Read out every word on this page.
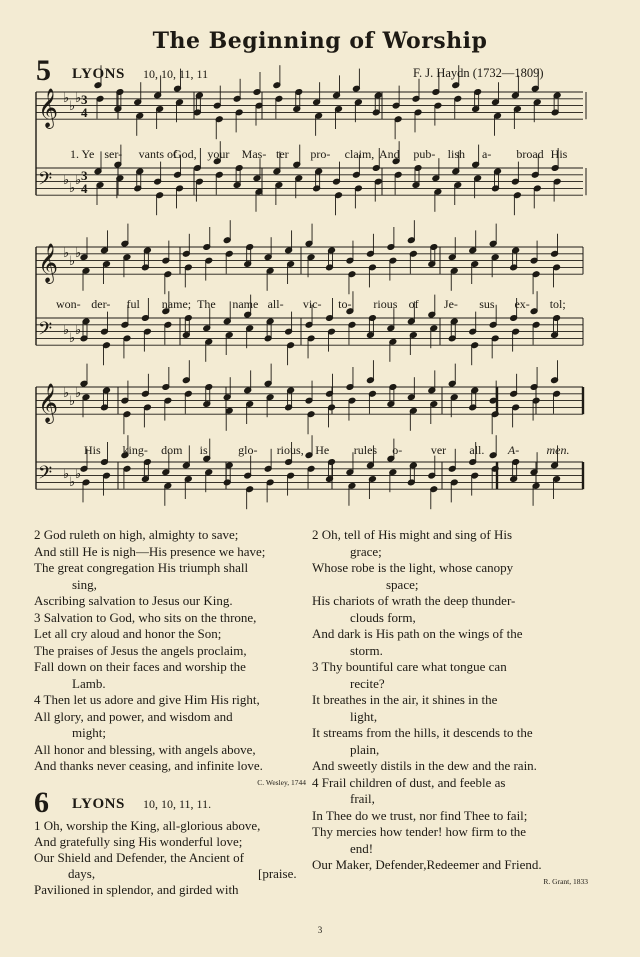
The Beginning of Worship
5 LYONS 10, 10, 11, 11	F. J. Haydn (1732—1809)
𝄞 ♭
♭
♭
𝄢 ♭
♭
♭
3
4
3
4
𝄞 ♭
♭
♭
𝄢 ♭
♭
♭
𝄞 ♭
♭
♭
𝄢 ♭
♭
♭
1. Ye ser- vants of
God, your Mas- ter pro- claim, And pub- lish a- broad His
won- der- ful name; The name all- vic- to- rious of Je- sus ex- tol;
His king- dom is	glo- rious, He rules o- ver all. A- men.
2 God ruleth on high, almighty to save;
And still He is nigh—His presence we have;
The great congregation His triumph shall
sing,
Ascribing salvation to Jesus our King.
3 Salvation to God, who sits on the throne,
Let all cry aloud and honor the Son;
The praises of Jesus the angels proclaim,
Fall down on their faces and worship the
Lamb.
4 Then let us adore and give Him His right,
All glory, and power, and wisdom and
might;
All honor and blessing, with angels above,
And thanks never ceasing, and infinite love.
C. Wesley, 1744
6 LYONS 10, 10, 11, 11.
1 Oh, worship the King, all-glorious above,
And gratefully sing His wonderful love;
Our Shield and Defender, the Ancient of
days,	[praise.
Pavilioned in splendor, and girded with
2 Oh, tell of His might and sing of His
grace;
Whose robe is the light, whose canopy
space;
His chariots of wrath the deep thunder-
clouds form,
And dark is His path on the wings of the
storm.
3 Thy bountiful care what tongue can
recite?
It breathes in the air, it shines in the
light,
It streams from the hills, it descends to the
plain,
And sweetly distils in the dew and the rain.
4 Frail children of dust, and feeble as
frail,
In Thee do we trust, nor find Thee to fail;
Thy mercies how tender! how firm to the
end!
Our Maker, Defender,Redeemer and Friend.
R. Grant, 1833
3
